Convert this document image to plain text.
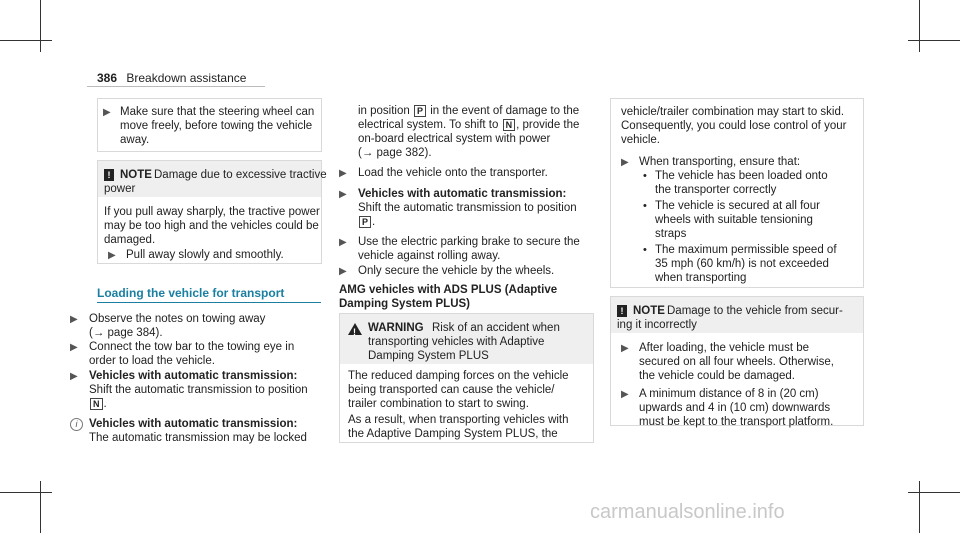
386 Breakdown assistance
▶ Make sure that the steering wheel can
move freely, before towing the vehicle
away.
! NOTE Damage due to excessive tractive
power
If you pull away sharply, the tractive power
may be too high and the vehicles could be
damaged.
▶ Pull away slowly and smoothly.
Loading the vehicle for transport
▶ Observe the notes on towing away
(→ page 384).
▶ Connect the tow bar to the towing eye in
order to load the vehicle.
▶ Vehicles with automatic transmission:
Shift the automatic transmission to position
N .
i	Vehicles with automatic transmission:
The automatic transmission may be locked
in position P in the event of damage to the
electrical system. To shift to N , provide the
on-board electrical system with power
(→ page 382).
▶ Load the vehicle onto the transporter.
▶ Vehicles with automatic transmission:
Shift the automatic transmission to position
P .
▶ Use the electric parking brake to secure the
vehicle against rolling away.
▶ Only secure the vehicle by the wheels.
AMG vehicles with ADS PLUS (Adaptive
Damping System PLUS)
! WARNING Risk of an accident when
transporting vehicles with Adaptive
Damping System PLUS
The reduced damping forces on the vehicle
being transported can cause the vehicle/
trailer combination to start to swing.
As a result, when transporting vehicles with
the Adaptive Damping System PLUS, the
vehicle/trailer combination may start to skid.
Consequently, you could lose control of your
vehicle.
▶ When transporting, ensure that:
• The vehicle has been loaded onto
the transporter correctly
• The vehicle is secured at all four
wheels with suitable tensioning
straps
• The maximum permissible speed of
35 mph (60 km/h) is not exceeded
when transporting
! NOTE Damage to the vehicle from secur-
ing it incorrectly
▶ After loading, the vehicle must be
secured on all four wheels. Otherwise,
the vehicle could be damaged.
▶ A minimum distance of 8 in (20 cm)
upwards and 4 in (10 cm) downwards
must be kept to the transport platform.
carmanualsonline.info
